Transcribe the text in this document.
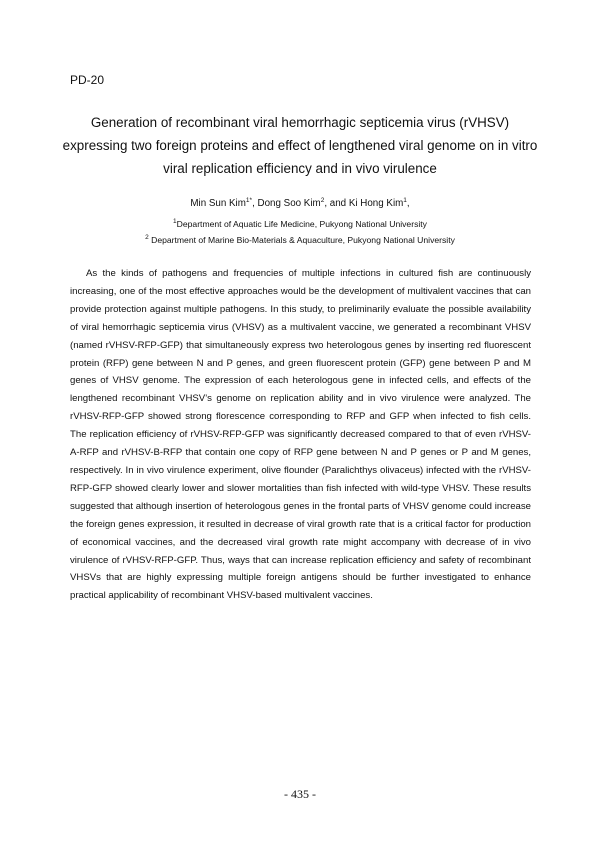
PD-20
Generation of recombinant viral hemorrhagic septicemia virus (rVHSV) expressing two foreign proteins and effect of lengthened viral genome on in vitro viral replication efficiency and in vivo virulence
Min Sun Kim$^{1*}$, Dong Soo Kim$^2$, and Ki Hong Kim$^1$,
$^1$Department of Aquatic Life Medicine, Pukyong National University
$^2$ Department of Marine Bio-Materials & Aquaculture, Pukyong National University

As the kinds of pathogens and frequencies of multiple infections in cultured fish are continuously increasing, one of the most effective approaches would be the development of multivalent vaccines that can provide protection against multiple pathogens. In this study, to preliminarily evaluate the possible availability of viral hemorrhagic septicemia virus (VHSV) as a multivalent vaccine, we generated a recombinant VHSV (named rVHSV-RFP-GFP) that simultaneously express two heterologous genes by inserting red fluorescent protein (RFP) gene between N and P genes, and green fluorescent protein (GFP) gene between P and M genes of VHSV genome. The expression of each heterologous gene in infected cells, and effects of the lengthened recombinant VHSV’s genome on replication ability and in vivo virulence were analyzed. The rVHSV-RFP-GFP showed strong florescence corresponding to RFP and GFP when infected to fish cells. The replication efficiency of rVHSV-RFP-GFP was significantly decreased compared to that of even rVHSV-A-RFP and rVHSV-B-RFP that contain one copy of RFP gene between N and P genes or P and M genes, respectively. In in vivo virulence experiment, olive flounder (Paralichthys olivaceus) infected with the rVHSV-RFP-GFP showed clearly lower and slower mortalities than fish infected with wild-type VHSV. These results suggested that although insertion of heterologous genes in the frontal parts of VHSV genome could increase the foreign genes expression, it resulted in decrease of viral growth rate that is a critical factor for production of economical vaccines, and the decreased viral growth rate might accompany with decrease of in vivo virulence of rVHSV-RFP-GFP. Thus, ways that can increase replication efficiency and safety of recombinant VHSVs that are highly expressing multiple foreign antigens should be further investigated to enhance practical applicability of recombinant VHSV-based multivalent vaccines.

- 435 -
